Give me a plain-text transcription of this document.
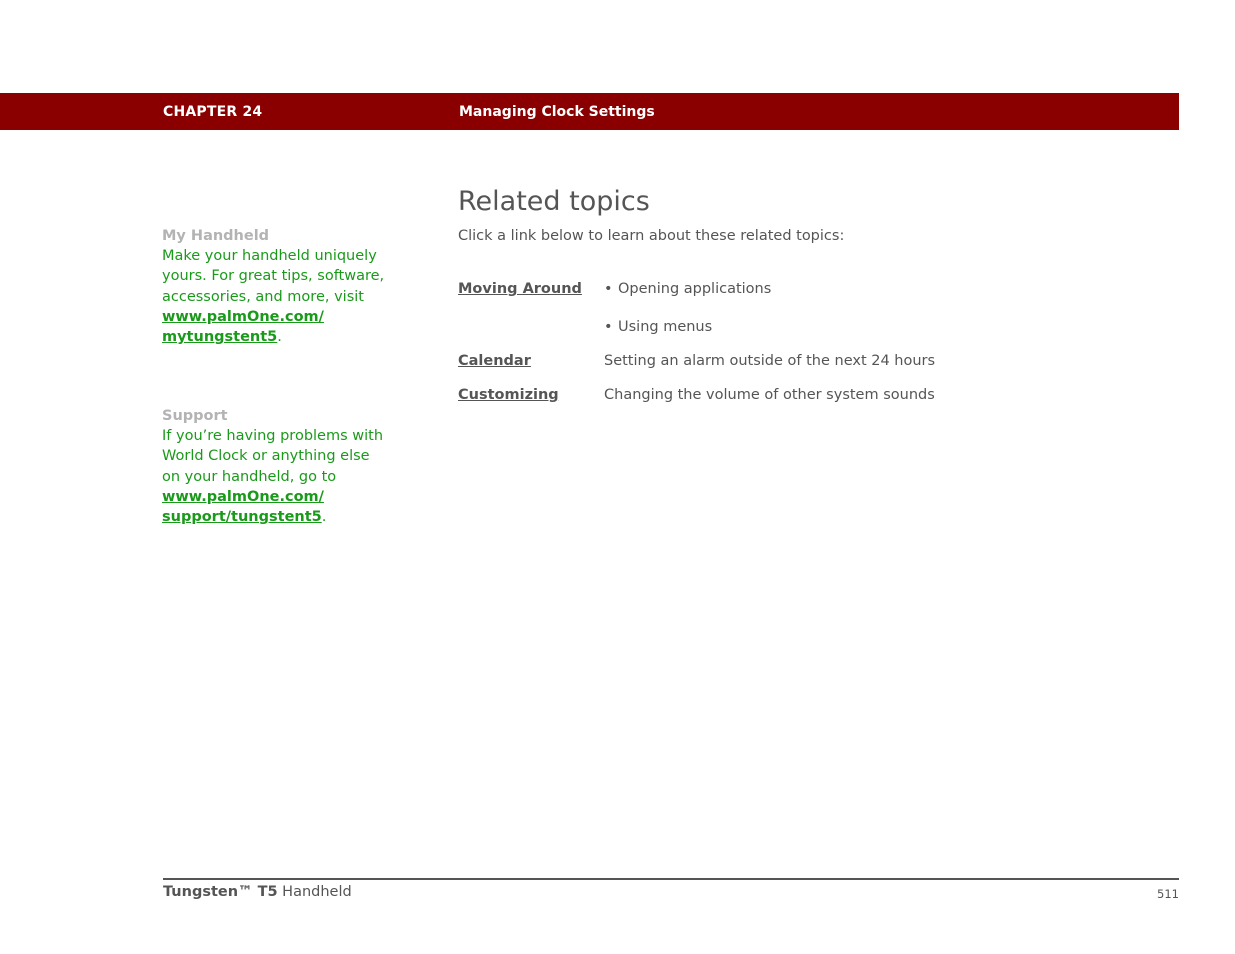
CHAPTER 24	Managing Clock Settings
My Handheld
Make your handheld uniquely yours. For great tips, software, accessories, and more, visit
www.palmOne.com/
mytungstent5.
Support
If you’re having problems with World Clock or anything else on your handheld, go to
www.palmOne.com/
support/tungstent5.
Related topics
Click a link below to learn about these related topics:
Moving Around • Opening applications
• Using menus
Calendar	Setting an alarm outside of the next 24 hours
Customizing	Changing the volume of other system sounds
Tungsten™ T5 Handheld	511
